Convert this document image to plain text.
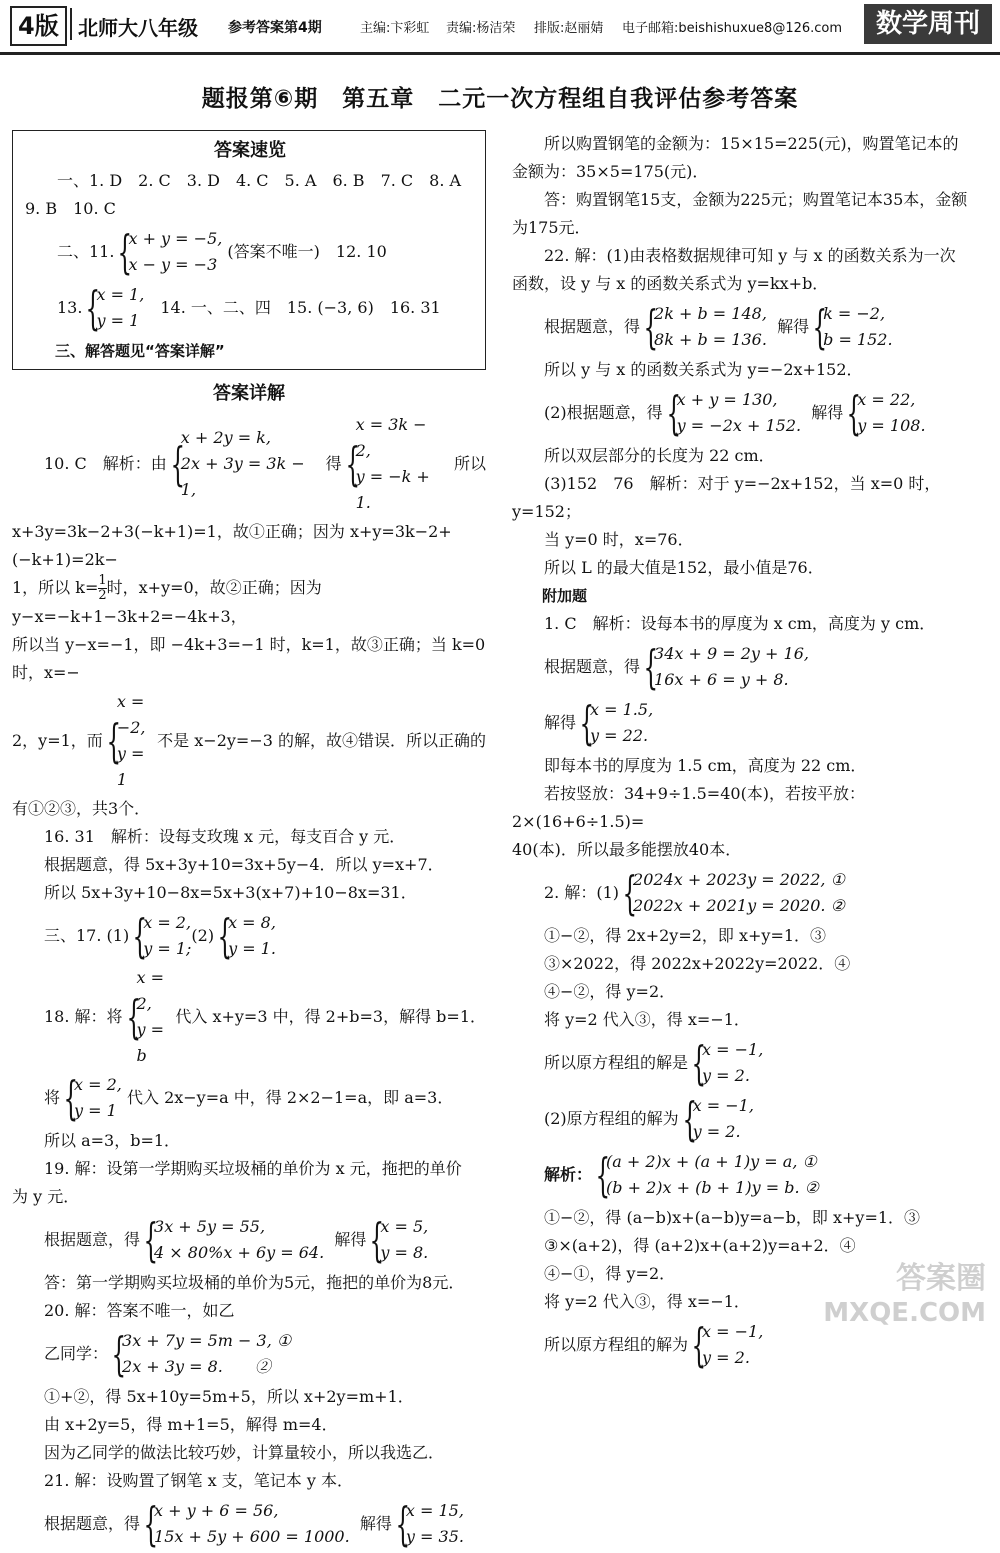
4版 北师大八年级 参考答案第4期	主编:卞彩虹 责编:杨洁荣 排版:赵丽婧 电子邮箱:beishishuxue8@126.com	数学周刊
题报第⑥期　第五章　二元一次方程组自我评估参考答案
答案速览

一、1. D　2. C　3. D　4. C　5. A　6. B　7. C　8. A

9. B　10. C

二、11. {
x + y = −5,
x − y = −3
(答案不唯一)　12. 10
13. {
x = 1,
y = 1
　14. 一、二、四　15. (−3, 6)　16. 31

三、解答题见“答案详解”

答案详解
10. C　解析：由 {
x + 2y = k,
2x + 3y = 3k − 1,
得 {
x = 3k − 2,
y = −k + 1.
所以

x+3y=3k−2+3(−k+1)=1，故①正确；因为 x+y=3k−2+(−k+1)=2k−

1，所以 $k= \frac{1}{2}$ 时，x+y=0，故②正确；因为 y−x=−k+1−3k+2=−4k+3，

所以当 y−x=−1，即 −4k+3=−1 时，k=1，故③正确；当 k=0 时，x=−

2，y=1，而 {
x = −2,
y = 1
不是 x−2y=−3 的解，故④错误．所以正确的

有①②③，共3个．

16. 31　解析：设每支玫瑰 x 元，每支百合 y 元．

根据题意，得 5x+3y+10=3x+5y−4．所以 y=x+7．

所以 5x+3y+10−8x=5x+3(x+7)+10−8x=31．

三、17. (1) {
x = 2,
y = 1;
(2) {
x = 8,
y = 1.
18. 解：将 {
x = 2,
y = b
代入 x+y=3 中，得 2+b=3，解得 b=1．
将 {
x = 2,
y = 1
代入 2x−y=a 中，得 2×2−1=a，即 a=3．

所以 a=3，b=1．

19. 解：设第一学期购买垃圾桶的单价为 x 元，拖把的单价

为 y 元．

根据题意，得 {
3x + 5y = 55,
4 × 80%x + 6y = 64.
解得 {
x = 5,
y = 8.

答：第一学期购买垃圾桶的单价为5元，拖把的单价为8元．

20. 解：答案不唯一，如乙

乙同学： {
3x + 7y = 5m − 3, ①
2x + 3y = 8.　　②

①+②，得 5x+10y=5m+5，所以 x+2y=m+1．

由 x+2y=5，得 m+1=5，解得 m=4．

因为乙同学的做法比较巧妙，计算量较小，所以我选乙．

21. 解：设购置了钢笔 x 支，笔记本 y 本．

根据题意，得 {
x + y + 6 = 56,
15x + 5y + 600 = 1000.
解得 {
x = 15,
y = 35.

所以购置钢笔的金额为：15×15=225(元)，购置笔记本的

金额为：35×5=175(元)．

答：购置钢笔15支，金额为225元；购置笔记本35本，金额

为175元．

22. 解：(1)由表格数据规律可知 y 与 x 的函数关系为一次

函数，设 y 与 x 的函数关系式为 y=kx+b．

根据题意，得 {
2k + b = 148,
8k + b = 136.
解得 {
k = −2,
b = 152.

所以 y 与 x 的函数关系式为 y=−2x+152．

(2)根据题意，得 {
x + y = 130,
y = −2x + 152.
解得 {
x = 22,
y = 108.

所以双层部分的长度为 22 cm．

(3)152　76　解析：对于 y=−2x+152，当 x=0 时，y=152；

当 y=0 时，x=76．

所以 L 的最大值是152，最小值是76．

附加题

1. C　解析：设每本书的厚度为 x cm，高度为 y cm．

根据题意，得 {
34x + 9 = 2y + 16,
16x + 6 = y + 8.
解得 {
x = 1.5,
y = 22.

即每本书的厚度为 1.5 cm，高度为 22 cm．

若按竖放：34+9÷1.5=40(本)，若按平放：2×(16+6÷1.5)=

40(本)．所以最多能摆放40本．

2. 解：(1) {
2024x + 2023y = 2022, ①
2022x + 2021y = 2020. ②

①−②，得 2x+2y=2，即 x+y=1．③

③×2022，得 2022x+2022y=2022．④

④−②，得 y=2．

将 y=2 代入③，得 x=−1．

所以原方程组的解是 {
x = −1,
y = 2.
(2)原方程组的解为 {
x = −1,
y = 2.
解析： {
(a + 2)x + (a + 1)y = a, ①
(b + 2)x + (b + 1)y = b. ②

①−②，得 (a−b)x+(a−b)y=a−b，即 x+y=1．③

③×(a+2)，得 (a+2)x+(a+2)y=a+2．④

④−①，得 y=2．

将 y=2 代入③，得 x=−1．

所以原方程组的解为 {
x = −1,
y = 2.
答案圈
MXQE.COM
